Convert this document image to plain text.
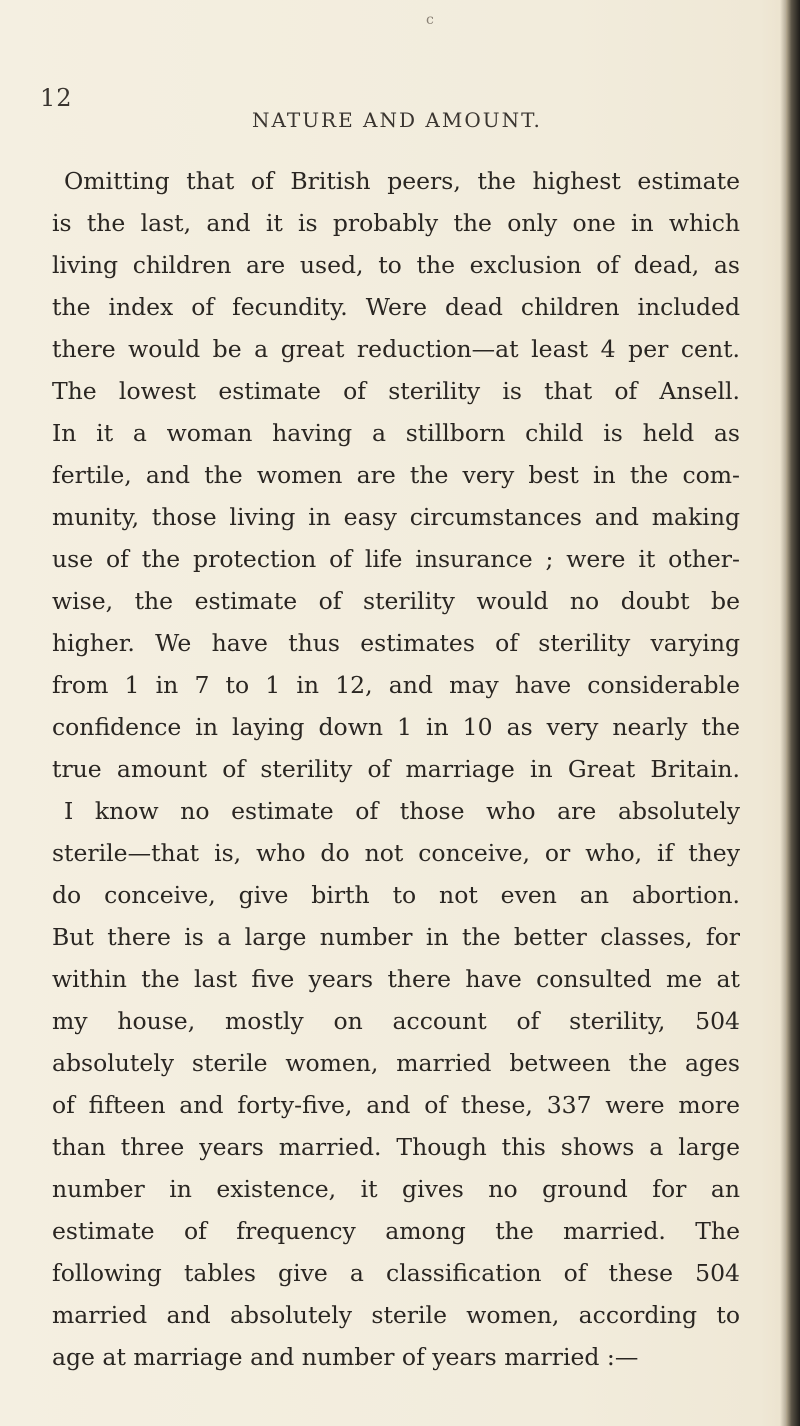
c
12
NATURE AND AMOUNT.
Omitting that of British peers, the highest estimate
is the last, and it is probably the only one in which
living children are used, to the exclusion of dead, as
the index of fecundity. Were dead children included
there would be a great reduction—at least 4 per cent.
The lowest estimate of sterility is that of Ansell.
In it a woman having a stillborn child is held as
fertile, and the women are the very best in the com-
munity, those living in easy circumstances and making
use of the protection of life insurance ; were it other-
wise, the estimate of sterility would no doubt be
higher. We have thus estimates of sterility varying
from 1 in 7 to 1 in 12, and may have considerable
confidence in laying down 1 in 10 as very nearly the
true amount of sterility of marriage in Great Britain.
I know no estimate of those who are absolutely
sterile—that is, who do not conceive, or who, if they
do conceive, give birth to not even an abortion.
But there is a large number in the better classes, for
within the last five years there have consulted me at
my house, mostly on account of sterility, 504
absolutely sterile women, married between the ages
of fifteen and forty-five, and of these, 337 were more
than three years married. Though this shows a large
number in existence, it gives no ground for an
estimate of frequency among the married. The
following tables give a classification of these 504
married and absolutely sterile women, according to
age at marriage and number of years married :—
